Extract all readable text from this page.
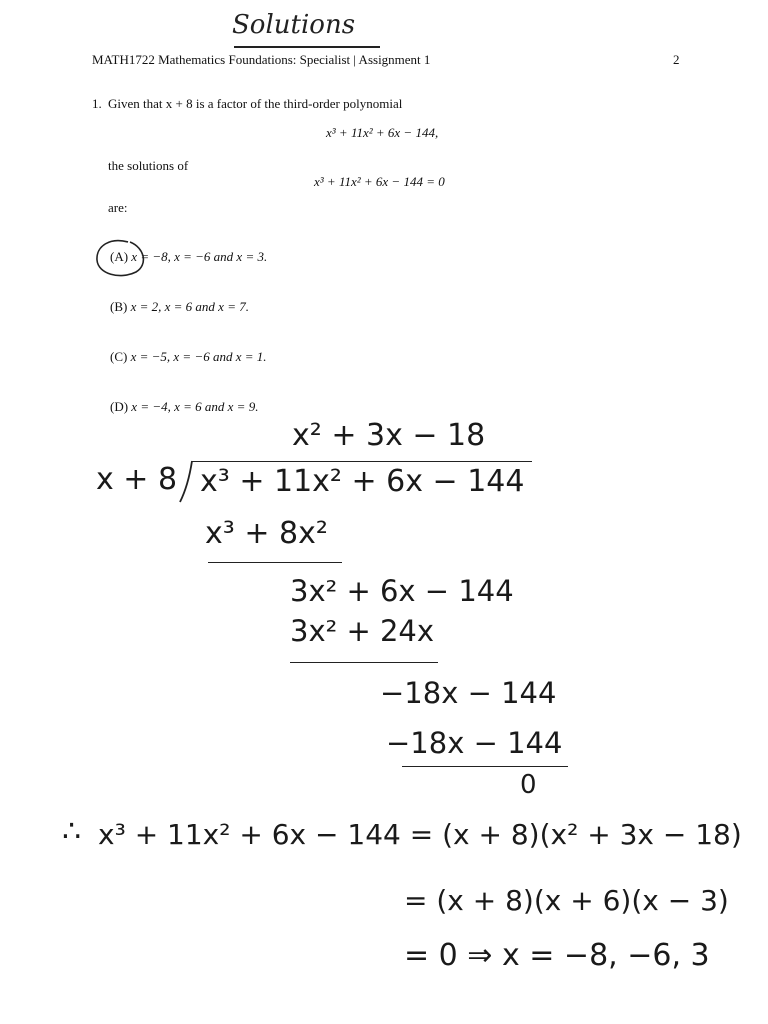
Solutions
MATH1722 Mathematics Foundations: Specialist | Assignment 1	2
1. Given that x + 8 is a factor of the third-order polynomial
x³ + 11x² + 6x − 144,
the solutions of
x³ + 11x² + 6x − 144 = 0
are:
(A) x = −8, x = −6 and x = 3.
(B) x = 2, x = 6 and x = 7.
(C) x = −5, x = −6 and x = 1.
(D) x = −4, x = 6 and x = 9.
x² + 3x − 18
x + 8 x³ + 11x² + 6x − 144
x³ + 8x²
3x² + 6x − 144
3x² + 24x
−18x − 144
−18x − 144
0
∴ x³ + 11x² + 6x − 144 = (x + 8)(x² + 3x − 18)
= (x + 8)(x + 6)(x − 3)
= 0 ⇒ x = −8, −6, 3
